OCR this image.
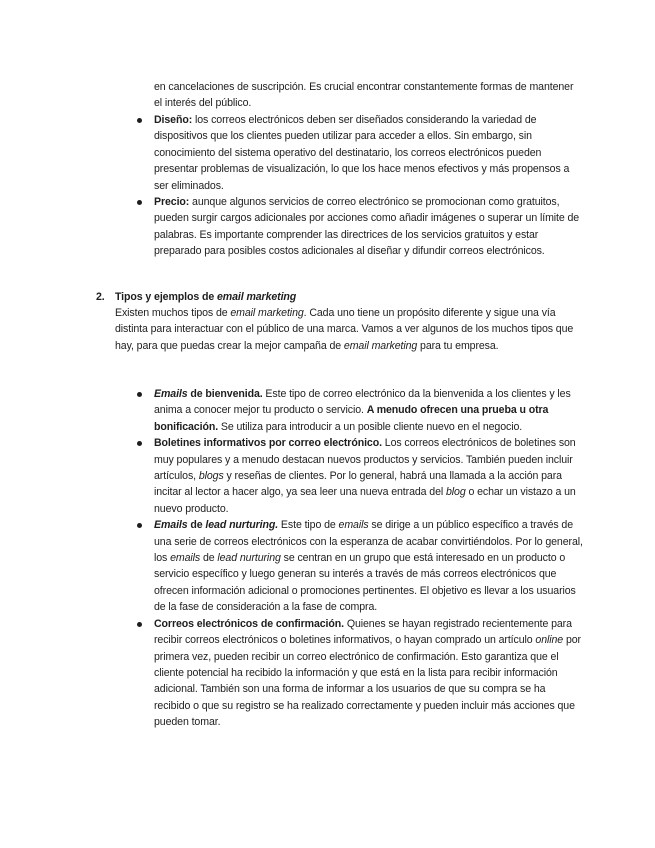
en cancelaciones de suscripción. Es crucial encontrar constantemente formas de mantener el interés del público.

Diseño: los correos electrónicos deben ser diseñados considerando la variedad de dispositivos que los clientes pueden utilizar para acceder a ellos. Sin embargo, sin conocimiento del sistema operativo del destinatario, los correos electrónicos pueden presentar problemas de visualización, lo que los hace menos efectivos y más propensos a ser eliminados.
Precio: aunque algunos servicios de correo electrónico se promocionan como gratuitos, pueden surgir cargos adicionales por acciones como añadir imágenes o superar un límite de palabras. Es importante comprender las directrices de los servicios gratuitos y estar preparado para posibles costos adicionales al diseñar y difundir correos electrónicos.
2. Tipos y ejemplos de email marketing

Existen muchos tipos de email marketing. Cada uno tiene un propósito diferente y sigue una vía distinta para interactuar con el público de una marca. Vamos a ver algunos de los muchos tipos que hay, para que puedas crear la mejor campaña de email marketing para tu empresa.

Emails de bienvenida. Este tipo de correo electrónico da la bienvenida a los clientes y les anima a conocer mejor tu producto o servicio. A menudo ofrecen una prueba u otra bonificación. Se utiliza para introducir a un posible cliente nuevo en el negocio.
Boletines informativos por correo electrónico. Los correos electrónicos de boletines son muy populares y a menudo destacan nuevos productos y servicios. También pueden incluir artículos, blogs y reseñas de clientes. Por lo general, habrá una llamada a la acción para incitar al lector a hacer algo, ya sea leer una nueva entrada del blog o echar un vistazo a un nuevo producto.
Emails de lead nurturing. Este tipo de emails se dirige a un público específico a través de una serie de correos electrónicos con la esperanza de acabar convirtiéndolos. Por lo general, los emails de lead nurturing se centran en un grupo que está interesado en un producto o servicio específico y luego generan su interés a través de más correos electrónicos que ofrecen información adicional o promociones pertinentes. El objetivo es llevar a los usuarios de la fase de consideración a la fase de compra.
Correos electrónicos de confirmación. Quienes se hayan registrado recientemente para recibir correos electrónicos o boletines informativos, o hayan comprado un artículo online por primera vez, pueden recibir un correo electrónico de confirmación. Esto garantiza que el cliente potencial ha recibido la información y que está en la lista para recibir información adicional. También son una forma de informar a los usuarios de que su compra se ha recibido o que su registro se ha realizado correctamente y pueden incluir más acciones que pueden tomar.
